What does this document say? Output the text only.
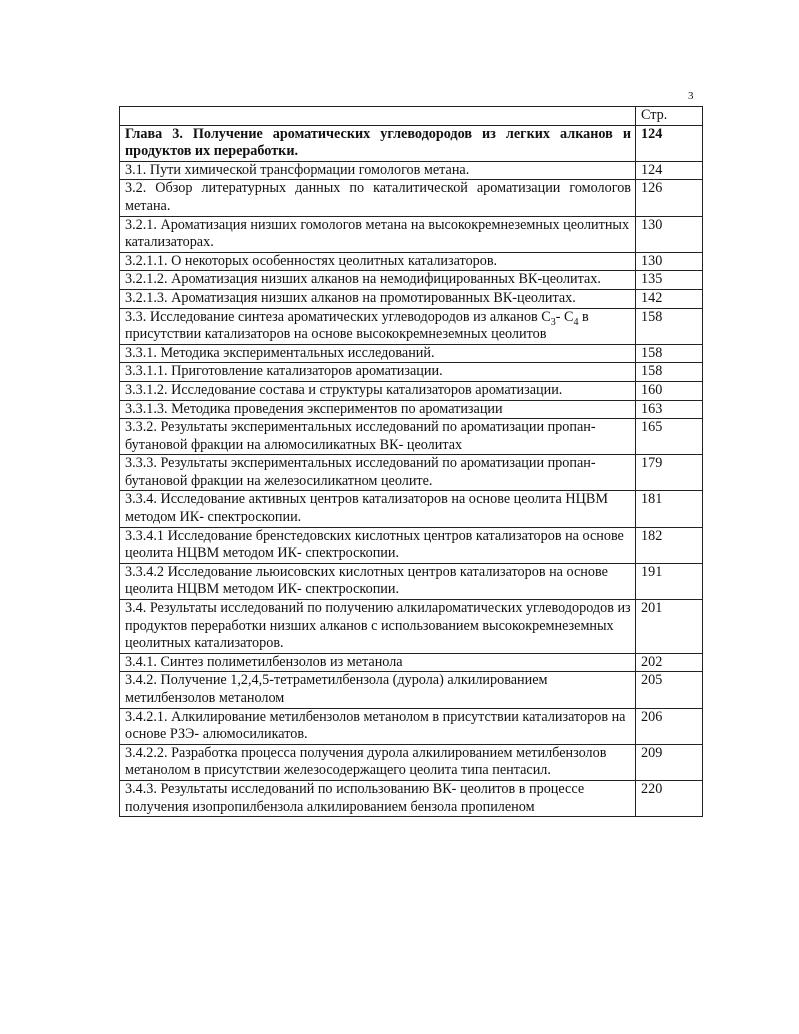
3
	Стр.
Глава 3. Получение ароматических углеводородов из легких алканов и продуктов их переработки.	124
3.1. Пути химической трансформации гомологов метана.	124
3.2. Обзор литературных данных по каталитической ароматизации гомологов метана.	126
3.2.1. Ароматизация низших гомологов метана на высококремнеземных цеолитных катализаторах.	130
3.2.1.1. О некоторых особенностях цеолитных катализаторов.	130
3.2.1.2. Ароматизация низших алканов на немодифицированных ВК-цеолитах.	135
3.2.1.3. Ароматизация низших алканов на промотированных ВК-цеолитах.	142
3.3. Исследование синтеза ароматических углеводородов из алканов $С_3-$ $С_4$ в присутствии катализаторов на основе высококремнеземных цеолитов	158
3.3.1. Методика экспериментальных исследований.	158
3.3.1.1. Приготовление катализаторов ароматизации.	158
3.3.1.2. Исследование состава и структуры катализаторов ароматизации.	160
3.3.1.3. Методика проведения экспериментов по ароматизации	163
3.3.2. Результаты экспериментальных исследований по ароматизации пропан- бутановой фракции на алюмосиликатных ВК- цеолитах	165
3.3.3. Результаты экспериментальных исследований по ароматизации пропан- бутановой фракции на железосиликатном цеолите.	179
3.3.4. Исследование активных центров катализаторов на основе цеолита НЦВМ методом ИК- спектроскопии.	181
3.3.4.1 Исследование бренстедовских кислотных центров катализаторов на основе цеолита НЦВМ методом ИК- спектроскопии.	182
3.3.4.2 Исследование льюисовских кислотных центров катализаторов на основе цеолита НЦВМ методом ИК- спектроскопии.	191
3.4. Результаты исследований по получению алкилароматических углеводородов из продуктов переработки низших алканов с использованием высококремнеземных цеолитных катализаторов.	201
3.4.1. Синтез полиметилбензолов из метанола	202
3.4.2. Получение 1,2,4,5-тетраметилбензола (дурола) алкилированием метилбензолов метанолом	205
3.4.2.1. Алкилирование метилбензолов метанолом в присутствии катализаторов на основе РЗЭ- алюмосиликатов.	206
3.4.2.2. Разработка процесса получения дурола алкилированием метилбензолов метанолом в присутствии железосодержащего цеолита типа пентасил.	209
3.4.3. Результаты исследований по использованию ВК- цеолитов в процессе получения изопропилбензола алкилированием бензола пропиленом	220
